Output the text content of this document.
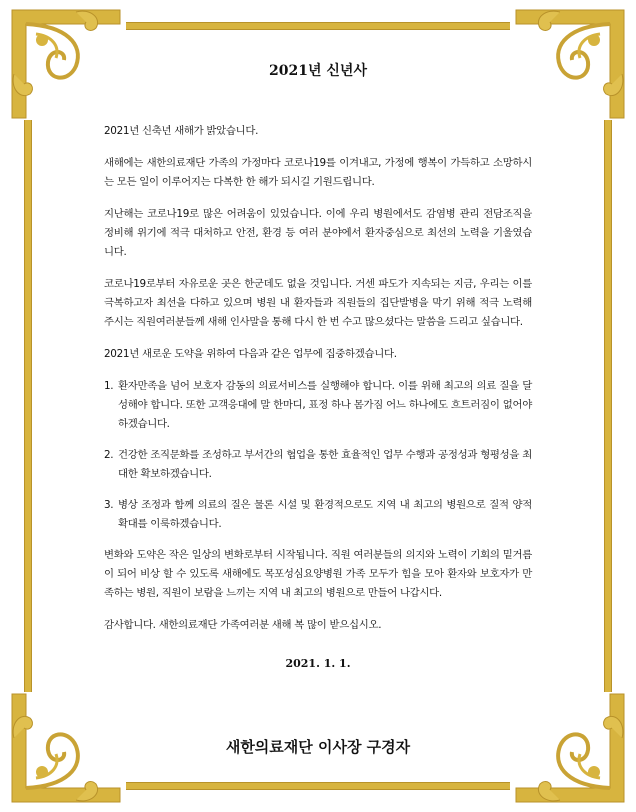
2021년 신년사

2021년 신축년 새해가 밝았습니다.

새해에는 새한의료재단 가족의 가정마다 코로나19를 이겨내고, 가정에 행복이 가득하고 소망하시는 모든 일이 이루어지는 다복한 한 해가 되시길 기원드립니다.

지난해는 코로나19로 많은 어려움이 있었습니다. 이에 우리 병원에서도 감염병 관리 전담조직을 정비해 위기에 적극 대처하고 안전, 환경 등 여러 분야에서 환자중심으로 최선의 노력을 기울였습니다.

코로나19로부터 자유로운 곳은 한군데도 없을 것입니다. 거센 파도가 지속되는 지금, 우리는 이를 극복하고자 최선을 다하고 있으며 병원 내 환자들과 직원들의 집단발병을 막기 위해 적극 노력해 주시는 직원여러분들께 새해 인사말을 통해 다시 한 번 수고 많으셨다는 말씀을 드리고 싶습니다.

2021년 새로운 도약을 위하여 다음과 같은 업무에 집중하겠습니다.

1. 환자만족을 넘어 보호자 감동의 의료서비스를 실행해야 합니다. 이를 위해 최고의 의료 질을 달성해야 합니다. 또한 고객응대에 말 한마디, 표정 하나 몸가짐 어느 하나에도 흐트러짐이 없어야 하겠습니다.
2. 건강한 조직문화를 조성하고 부서간의 협업을 통한 효율적인 업무 수행과 공정성과 형평성을 최대한 확보하겠습니다.
3. 병상 조정과 함께 의료의 질은 물론 시설 및 환경적으로도 지역 내 최고의 병원으로 질적 양적 확대를 이룩하겠습니다.

변화와 도약은 작은 일상의 변화로부터 시작됩니다. 직원 여러분들의 의지와 노력이 기회의 밑거름이 되어 비상 할 수 있도록 새해에도 목포성심요양병원 가족 모두가 힘을 모아 환자와 보호자가 만족하는 병원, 직원이 보람을 느끼는 지역 내 최고의 병원으로 만들어 나갑시다.

감사합니다. 새한의료재단 가족여러분 새해 복 많이 받으십시오.

2021. 1. 1.
새한의료재단 이사장 구경자
